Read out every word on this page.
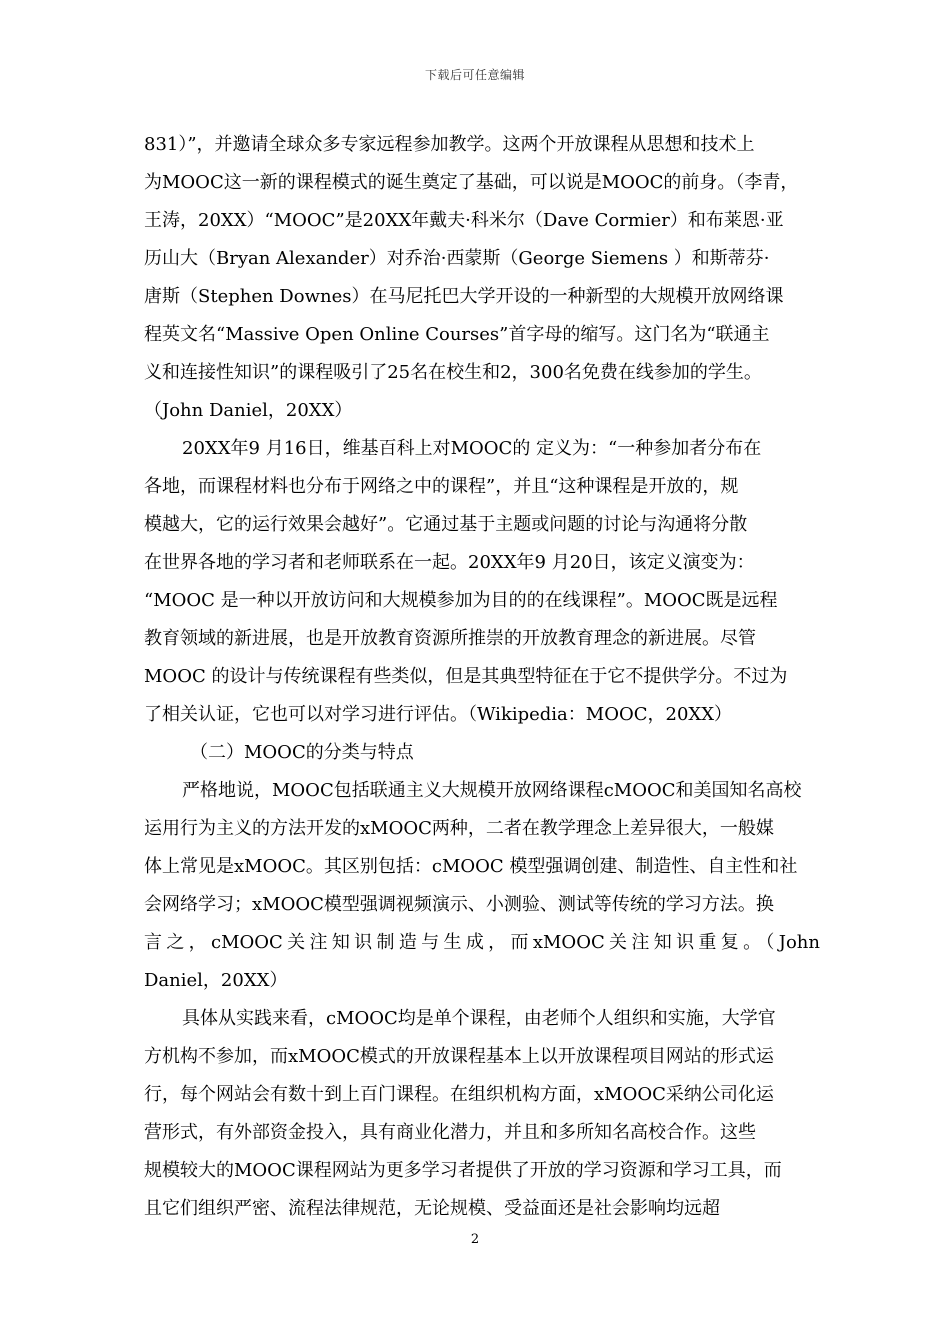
下载后可任意编辑
831）”，并邀请全球众多专家远程参加教学。这两个开放课程从思想和技术上
为MOOC这一新的课程模式的诞生奠定了基础，可以说是MOOC的前身。（李青，
王涛，20XX）“MOOC”是20XX年戴夫·科米尔（Dave Cormier）和布莱恩·亚
历山大（Bryan Alexander）对乔治·西蒙斯（George Siemens ）和斯蒂芬·
唐斯（Stephen Downes）在马尼托巴大学开设的一种新型的大规模开放网络课
程英文名“Massive Open Online Courses”首字母的缩写。这门名为“联通主
义和连接性知识”的课程吸引了25名在校生和2，300名免费在线参加的学生。
（John Daniel，20XX）
20XX年9 月16日，维基百科上对MOOC的 定义为：“一种参加者分布在
各地，而课程材料也分布于网络之中的课程”，并且“这种课程是开放的，规
模越大，它的运行效果会越好”。它通过基于主题或问题的讨论与沟通将分散
在世界各地的学习者和老师联系在一起。20XX年9 月20日，该定义演变为：
“MOOC 是一种以开放访问和大规模参加为目的的在线课程”。MOOC既是远程
教育领域的新进展，也是开放教育资源所推崇的开放教育理念的新进展。尽管
MOOC 的设计与传统课程有些类似，但是其典型特征在于它不提供学分。不过为
了相关认证，它也可以对学习进行评估。（Wikipedia：MOOC，20XX）
（二）MOOC的分类与特点
严格地说，MOOC包括联通主义大规模开放网络课程cMOOC和美国知名高校
运用行为主义的方法开发的xMOOC两种，二者在教学理念上差异很大，一般媒
体上常见是xMOOC。其区别包括：cMOOC 模型强调创建、制造性、自主性和社
会网络学习；xMOOC模型强调视频演示、小测验、测试等传统的学习方法。换
言之，cMOOC关注知识制造与生成，而xMOOC关注知识重复。（John
Daniel，20XX）
具体从实践来看，cMOOC均是单个课程，由老师个人组织和实施，大学官
方机构不参加，而xMOOC模式的开放课程基本上以开放课程项目网站的形式运
行，每个网站会有数十到上百门课程。在组织机构方面，xMOOC采纳公司化运
营形式，有外部资金投入，具有商业化潜力，并且和多所知名高校合作。这些
规模较大的MOOC课程网站为更多学习者提供了开放的学习资源和学习工具，而
且它们组织严密、流程法律规范，无论规模、受益面还是社会影响均远超
2
